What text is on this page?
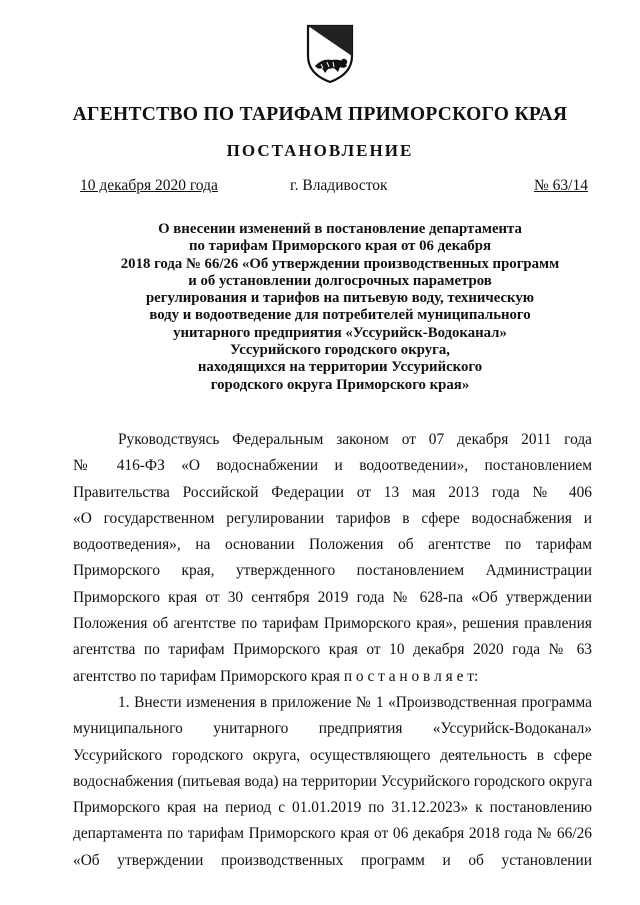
АГЕНТСТВО ПО ТАРИФАМ ПРИМОРСКОГО КРАЯ
ПОСТАНОВЛЕНИЕ
10 декабря 2020 года	г. Владивосток	№ 63/14
О внесении изменений в постановление департамента
по тарифам Приморского края от 06 декабря
2018 года № 66/26 «Об утверждении производственных программ
и об установлении долгосрочных параметров
регулирования и тарифов на питьевую воду, техническую
воду и водоотведение для потребителей муниципального
унитарного предприятия «Уссурийск-Водоканал»
Уссурийского городского округа,
находящихся на территории Уссурийского
городского округа Приморского края»
Руководствуясь Федеральным законом от 07 декабря 2011 года
№ 416-ФЗ «О водоснабжении и водоотведении», постановлением
Правительства Российской Федерации от 13 мая 2013 года № 406
«О государственном регулировании тарифов в сфере водоснабжения и
водоотведения», на основании Положения об агентстве по тарифам
Приморского края, утвержденного постановлением Администрации
Приморского края от 30 сентября 2019 года № 628-па «Об утверждении
Положения об агентстве по тарифам Приморского края», решения правления
агентства по тарифам Приморского края от 10 декабря 2020 года № 63
агентство по тарифам Приморского края п о с т а н о в л я е т:
1. Внести изменения в приложение № 1 «Производственная программа
муниципального унитарного предприятия «Уссурийск-Водоканал»
Уссурийского городского округа, осуществляющего деятельность в сфере
водоснабжения (питьевая вода) на территории Уссурийского городского округа
Приморского края на период с 01.01.2019 по 31.12.2023» к постановлению
департамента по тарифам Приморского края от 06 декабря 2018 года № 66/26
«Об утверждении производственных программ и об установлении
